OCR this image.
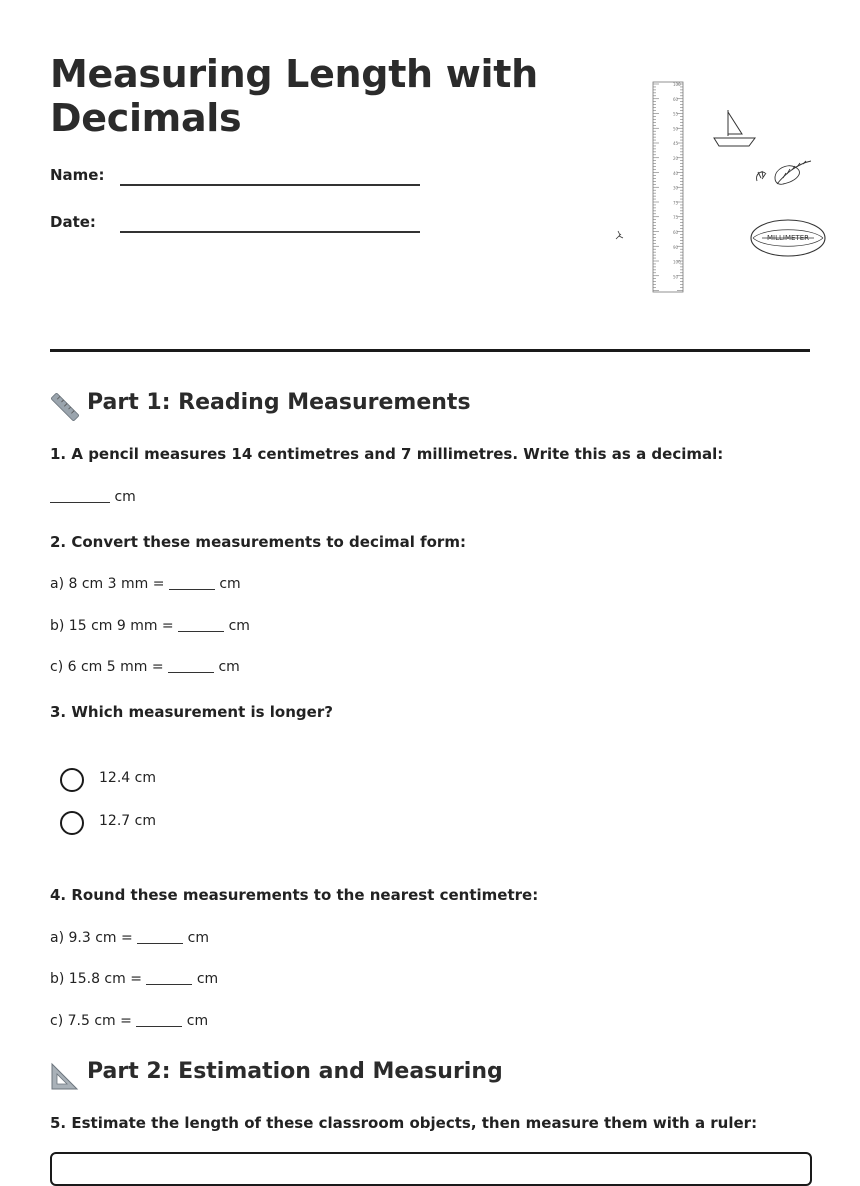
Measuring Length with
Decimals
Name:
Date:
100
60
55
50
45
20
40
30
75
75
60
90
100
50
MILLIMETER
Part 1: Reading Measurements
1. A pencil measures 14 centimetres and 7 millimetres. Write this as a decimal:
cm
2. Convert these measurements to decimal form:
a) 8 cm 3 mm =	cm
b) 15 cm 9 mm =	cm
c) 6 cm 5 mm =	cm
3. Which measurement is longer?
12.4 cm
12.7 cm
4. Round these measurements to the nearest centimetre:
a) 9.3 cm =	cm
b) 15.8 cm =	cm
c) 7.5 cm =	cm
Part 2: Estimation and Measuring
5. Estimate the length of these classroom objects, then measure them with a ruler:
